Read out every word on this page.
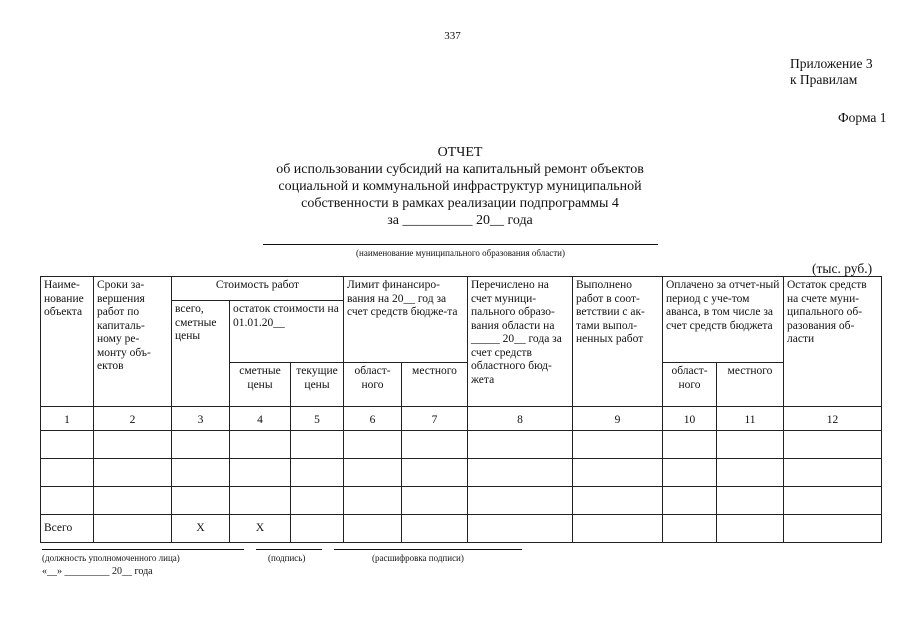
337
Приложение 3
к Правилам
Форма 1
ОТЧЕТ
об использовании субсидий на капитальный ремонт объектов
социальной и коммунальной инфраструктур муниципальной
собственности в рамках реализации подпрограммы 4
за __________ 20__ года
(наименование муниципального образования области)
(тыс. руб.)
Наиме-нование объекта	Сроки за-вершения работ по капиталь-ному ре-монту объ-ектов	Стоимость работ			Лимит финансиро-вания на 20__ год за счет средств бюдже-та		Перечислено на счет муници-пального образо-вания области на _____ 20__ года за счет средств областного бюд-жета	Выполнено работ в соот-ветствии с ак-тами выпол-ненных работ	Оплачено за отчет-ный период с уче-том аванса, в том числе за счет средств бюджета		Остаток средств на счете муни-ципального об-разования об-ласти
		всего, сметные цены	остаток стоимости на 01.01.20__								
			сметные цены	текущие цены	област-ного	местного			област-ного	местного	
1	2	3	4	5	6	7	8	9	10	11	12

Всего		Х	Х								
(должность уполномоченного лица)	(подпись)	(расшифровка подписи)
«__» _________ 20__ года
